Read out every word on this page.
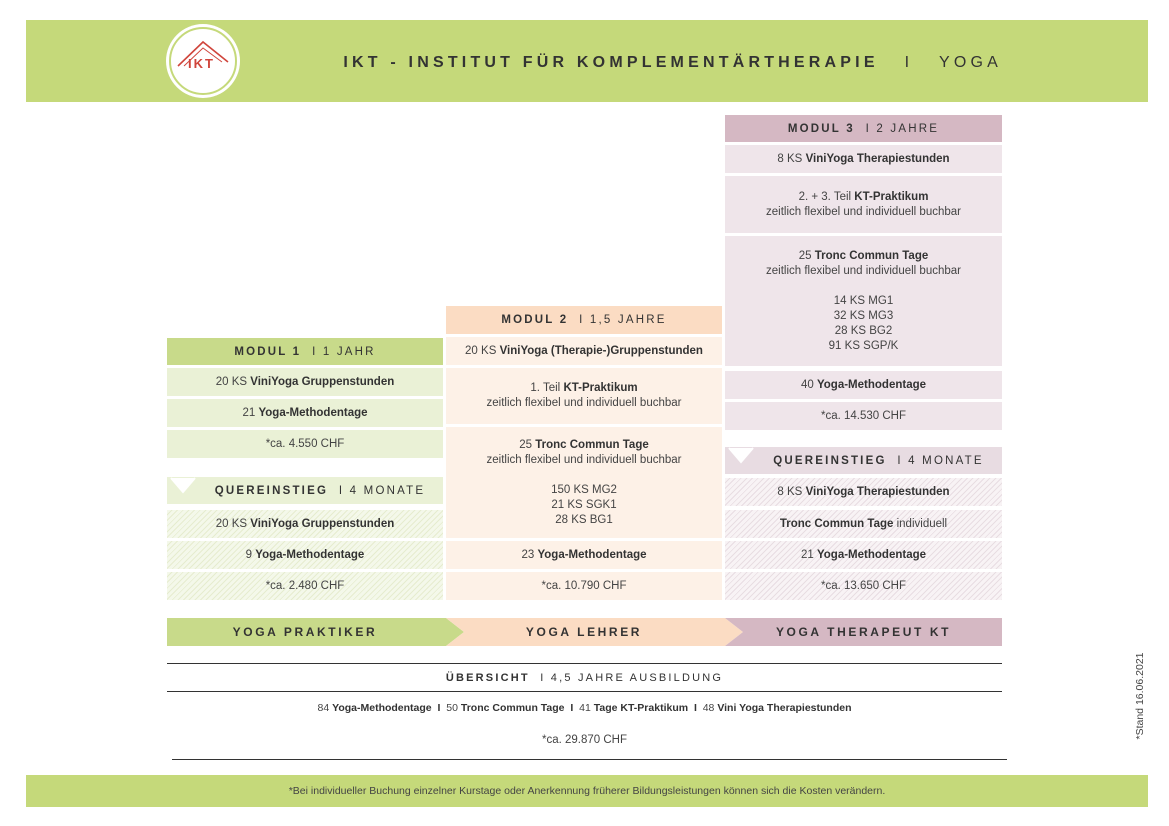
IKT	IKT - INSTITUT FÜR KOMPLEMENTÄRTHERAPIE I YOGA
MODUL 1
I 1 JAHR
20 KS ViniYoga Gruppenstunden
21 Yoga-Methodentage
*ca. 4.550 CHF
QUEREINSTIEG
I 4 MONATE
20 KS ViniYoga Gruppenstunden
9 Yoga-Methodentage
*ca. 2.480 CHF
MODUL 2
I 1,5 JAHRE
20 KS ViniYoga (Therapie-)Gruppenstunden
1. Teil KT-Praktikum
zeitlich flexibel und individuell buchbar
25 Tronc Commun Tage
zeitlich flexibel und individuell buchbar
150 KS MG2
21 KS SGK1
28 KS BG1
23 Yoga-Methodentage
*ca. 10.790 CHF
MODUL 3
I 2 JAHRE
8 KS ViniYoga Therapiestunden
2. + 3. Teil KT-Praktikum
zeitlich flexibel und individuell buchbar
25 Tronc Commun Tage
zeitlich flexibel und individuell buchbar
14 KS MG1
32 KS MG3
28 KS BG2
91 KS SGP/K
40 Yoga-Methodentage
*ca. 14.530 CHF
QUEREINSTIEG
I 4 MONATE
8 KS ViniYoga Therapiestunden
Tronc Commun Tage individuell
21 Yoga-Methodentage
*ca. 13.650 CHF
YOGA PRAKTIKER	YOGA LEHRER	YOGA THERAPEUT KT
ÜBERSICHT
I 4,5 JAHRE AUSBILDUNG
84 Yoga-Methodentage I 50 Tronc Commun Tage I 41 Tage KT-Praktikum I 48 Vini Yoga Therapiestunden
*ca. 29.870 CHF
*Bei individueller Buchung einzelner Kurstage oder Anerkennung früherer Bildungsleistungen können sich die Kosten verändern.
*Stand 16.06.2021
